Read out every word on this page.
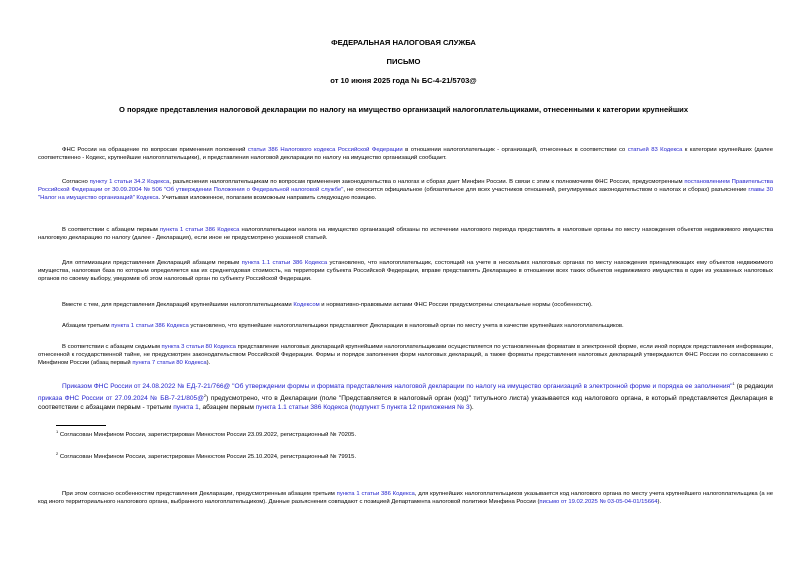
ФЕДЕРАЛЬНАЯ НАЛОГОВАЯ СЛУЖБА
ПИСЬМО
от 10 июня 2025 года № БС-4-21/5703@
О порядке представления налоговой декларации по налогу на имущество организаций налогоплательщиками, отнесенными к категории крупнейших

ФНС России на обращение по вопросам применения положений статьи 386 Налогового кодекса Российской Федерации в отношении налогоплательщик - организаций, отнесенных в соответствии со статьей 83 Кодекса к категории крупнейших (далее соответственно - Кодекс, крупнейшие налогоплательщики), и представления налоговой декларации по налогу на имущество организаций сообщает.

Согласно пункту 1 статьи 34.2 Кодекса, разъяснения налогоплательщикам по вопросам применения законодательства о налогах и сборах дает Минфин России. В связи с этим к полномочиям ФНС России, предусмотренным постановлением Правительства Российской Федерации от 30.09.2004 № 506 "Об утверждении Положения о Федеральной налоговой службе", не относится официальное (обязательное для всех участников отношений, регулируемых законодательством о налогах и сборах) разъяснение главы 30 "Налог на имущество организаций" Кодекса. Учитывая изложенное, полагаем возможным направить следующую позицию.

В соответствии с абзацем первым пункта 1 статьи 386 Кодекса налогоплательщики налога на имущество организаций обязаны по истечении налогового периода представлять в налоговые органы по месту нахождения объектов недвижимого имущества налоговую декларацию по налогу (далее - Декларация), если иное не предусмотрено указанной статьей.

Для оптимизации представления Деклараций абзацем первым пункта 1.1 статьи 386 Кодекса установлено, что налогоплательщик, состоящий на учете в нескольких налоговых органах по месту нахождения принадлежащих ему объектов недвижимого имущества, налоговая база по которым определяется как их среднегодовая стоимость, на территории субъекта Российской Федерации, вправе представлять Декларацию в отношении всех таких объектов недвижимого имущества в один из указанных налоговых органов по своему выбору, уведомив об этом налоговый орган по субъекту Российской Федерации.

Вместе с тем, для представления Деклараций крупнейшими налогоплательщиками Кодексом и нормативно-правовыми актами ФНС России предусмотрены специальные нормы (особенности).

Абзацем третьим пункта 1 статьи 386 Кодекса установлено, что крупнейшие налогоплательщики представляют Декларации в налоговый орган по месту учета в качестве крупнейших налогоплательщиков.

В соответствии с абзацем седьмым пункта 3 статьи 80 Кодекса представление налоговых деклараций крупнейшими налогоплательщиками осуществляется по установленным форматам в электронной форме, если иной порядок представления информации, отнесенной к государственной тайне, не предусмотрен законодательством Российской Федерации. Формы и порядок заполнения форм налоговых деклараций, а также форматы представления налоговых деклараций утверждаются ФНС России по согласованию с Минфином России (абзац первый пункта 7 статьи 80 Кодекса).

Приказом ФНС России от 24.08.2022 № ЕД-7-21/766@ "Об утверждении формы и формата представления налоговой декларации по налогу на имущество организаций в электронной форме и порядка ее заполнения"$^1$ (в редакции приказа ФНС России от 27.09.2024 № БВ-7-21/805@$^2$) предусмотрено, что в Декларации (поле "Представляется в налоговый орган (код)" титульного листа) указывается код налогового органа, в который представляется Декларация в соответствии с абзацами первым - третьим пункта 1, абзацем первым пункта 1.1 статьи 386 Кодекса (подпункт 5 пункта 12 приложения № 3).

$^1$ Согласован Минфином России, зарегистрирован Минюстом России 23.09.2022, регистрационный № 70205.
$^2$ Согласован Минфином России, зарегистрирован Минюстом России 25.10.2024, регистрационный № 79915.

При этом согласно особенностям представления Декларации, предусмотренным абзацем третьим пункта 1 статьи 386 Кодекса, для крупнейших налогоплательщиков указывается код налогового органа по месту учета крупнейшего налогоплательщика (а не код иного территориального налогового органа, выбранного налогоплательщиком). Данные разъяснения совпадают с позицией Департамента налоговой политики Минфина России (письмо от 19.02.2025 № 03-05-04-01/15664).
